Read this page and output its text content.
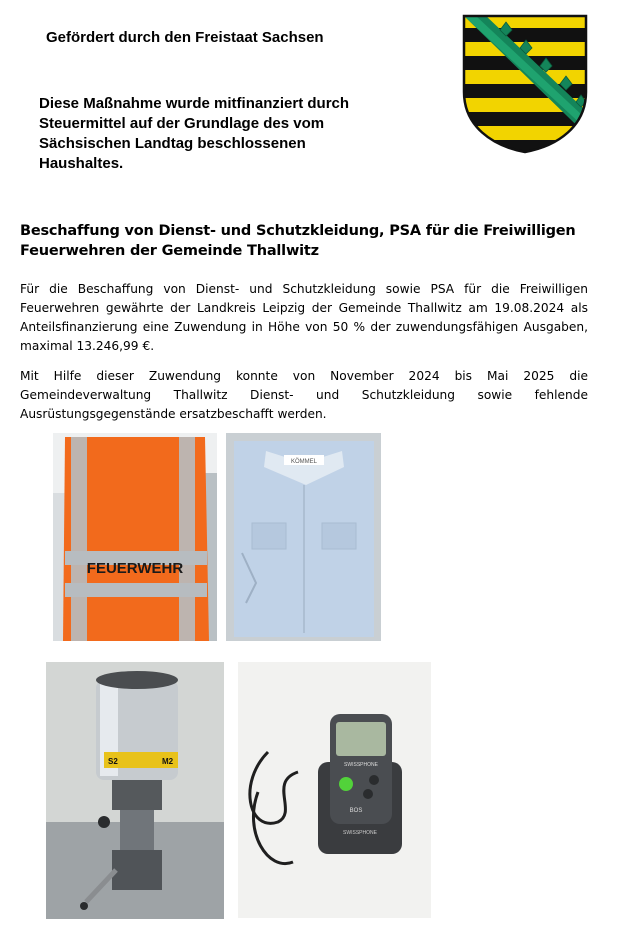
Gefördert durch den Freistaat Sachsen
Diese Maßnahme wurde mitfinanziert durch Steuermittel auf der Grundlage des vom Sächsischen Landtag beschlossenen Haushaltes.
Beschaffung von Dienst- und Schutzkleidung, PSA für die Freiwilligen Feuerwehren der Gemeinde Thallwitz
Für die Beschaffung von Dienst- und Schutzkleidung sowie PSA für die Freiwilligen Feuerwehren gewährte der Landkreis Leipzig der Gemeinde Thallwitz am 19.08.2024 als Anteilsfinanzierung eine Zuwendung in Höhe von 50 % der zuwendungsfähigen Ausgaben, maximal 13.246,99 €.
Mit Hilfe dieser Zuwendung konnte von November 2024 bis Mai 2025 die Gemeindeverwaltung Thallwitz Dienst- und Schutzkleidung sowie fehlende Ausrüstungsgegenstände ersatzbeschafft werden.
FEUERWEHR
KÖMMEL
S2	M2	SWISSPHONE
BOS
SWISSPHONE
